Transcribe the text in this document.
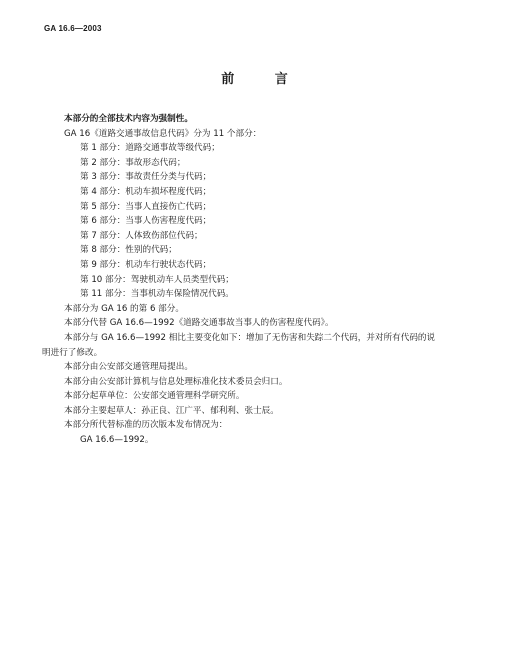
GA 16.6—2003
前 言
本部分的全部技术内容为强制性。
GA 16《道路交通事故信息代码》分为 11 个部分：
第 1 部分：道路交通事故等级代码；
第 2 部分：事故形态代码；
第 3 部分：事故责任分类与代码；
第 4 部分：机动车损坏程度代码；
第 5 部分：当事人直接伤亡代码；
第 6 部分：当事人伤害程度代码；
第 7 部分：人体致伤部位代码；
第 8 部分：性别的代码；
第 9 部分：机动车行驶状态代码；
第 10 部分：驾驶机动车人员类型代码；
第 11 部分：当事机动车保险情况代码。
本部分为 GA 16 的第 6 部分。
本部分代替 GA 16.6—1992《道路交通事故当事人的伤害程度代码》。
本部分与 GA 16.6—1992 相比主要变化如下：增加了无伤害和失踪二个代码，并对所有代码的说
明进行了修改。
本部分由公安部交通管理局提出。
本部分由公安部计算机与信息处理标准化技术委员会归口。
本部分起草单位：公安部交通管理科学研究所。
本部分主要起草人：孙正良、江广平、郁利利、张士辰。
本部分所代替标准的历次版本发布情况为：
GA 16.6—1992。
